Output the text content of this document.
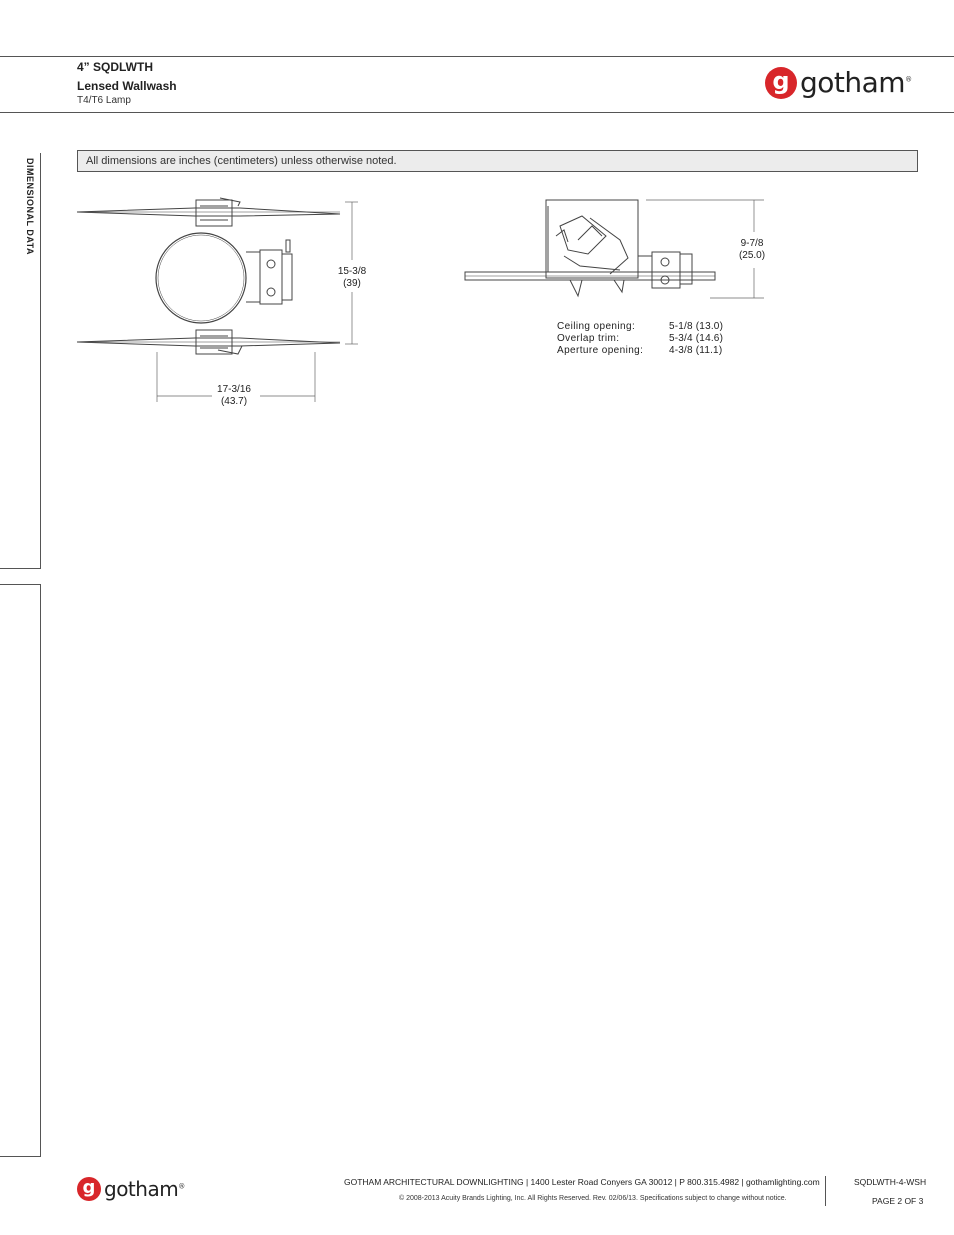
4” SQDLWTH
Lensed Wallwash
T4/T6 Lamp
g gotham®
DIMENSIONAL DATA	All dimensions are inches (centimeters) unless otherwise noted.
15-3/8
(39)
17-3/16
(43.7)
9-7/8
(25.0)
Ceiling opening:	5-1/8 (13.0)
Overlap trim:	5-3/4 (14.6)
Aperture opening:	4-3/8 (11.1)
g gotham®	GOTHAM ARCHITECTURAL DOWNLIGHTING | 1400 Lester Road Conyers GA 30012 | P 800.315.4982 | gothamlighting.com
© 2008-2013 Acuity Brands Lighting, Inc. All Rights Reserved. Rev. 02/06/13. Specifications subject to change without notice.
SQDLWTH-4-WSH
PAGE 2 OF 3
